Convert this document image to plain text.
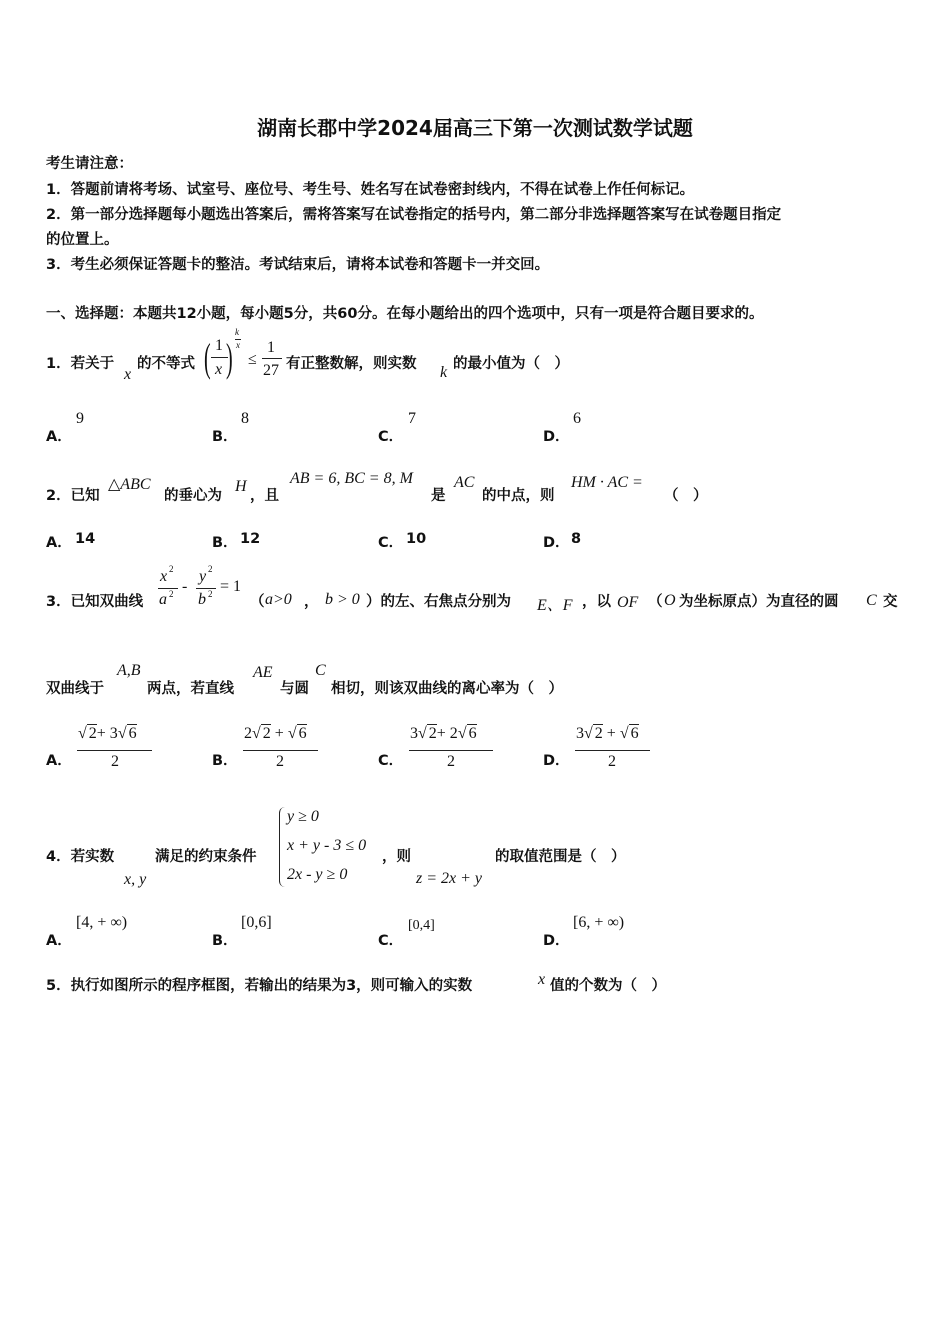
湖南长郡中学2024届高三下第一次测试数学试题
考生请注意：
1．答题前请将考场、试室号、座位号、考生号、姓名写在试卷密封线内，不得在试卷上作任何标记。
2．第一部分选择题每小题选出答案后，需将答案写在试卷指定的括号内，第二部分非选择题答案写在试卷题目指定
的位置上。
3．考生必须保证答题卡的整洁。考试结束后，请将本试卷和答题卡一并交回。
一、选择题：本题共12小题，每小题5分，共60分。在每小题给出的四个选项中，只有一项是符合题目要求的。
1．若关于
x
的不等式 ( 1
x )
k
x
≤
1
27 有正整数解，则实数 k 的最小值为（　）
A．
9
B．
8
C．
7
D．
6
2．已知
△ABC
的垂心为
H
，且
AB = 6, BC = 8, M
是
AC
的中点，则
HM · AC =
（　）
A． 14	B． 12	C． 10	D． 8
3．已知双曲线
x 2
a 2 -
y 2
b 2 = 1
（ a>0 ， b > 0 ）的左、右焦点分别为 E、F ，以 OF （ O 为坐标原点）为直径的圆 C 交
双曲线于
A,B
两点，若直线
AE
与圆
C
相切，则该双曲线的离心率为（　）
A．
√ 2+ 3√ 6
2	B．
2√ 2 + √ 6
2	C．
3√ 2+ 2√ 6
2	D．
3√ 2 + √ 6
2
4．若实数
x, y
满足的约束条件
y ≥ 0
x + y - 3 ≤ 0
2x - y ≥ 0
，则
z = 2x + y
的取值范围是（　）
A．
[4, + ∞)
B．
[0,6]
C．
[0,4]
D．
[6, + ∞)
5．执行如图所示的程序框图，若输出的结果为3，则可输入的实数	x 值的个数为（　）
